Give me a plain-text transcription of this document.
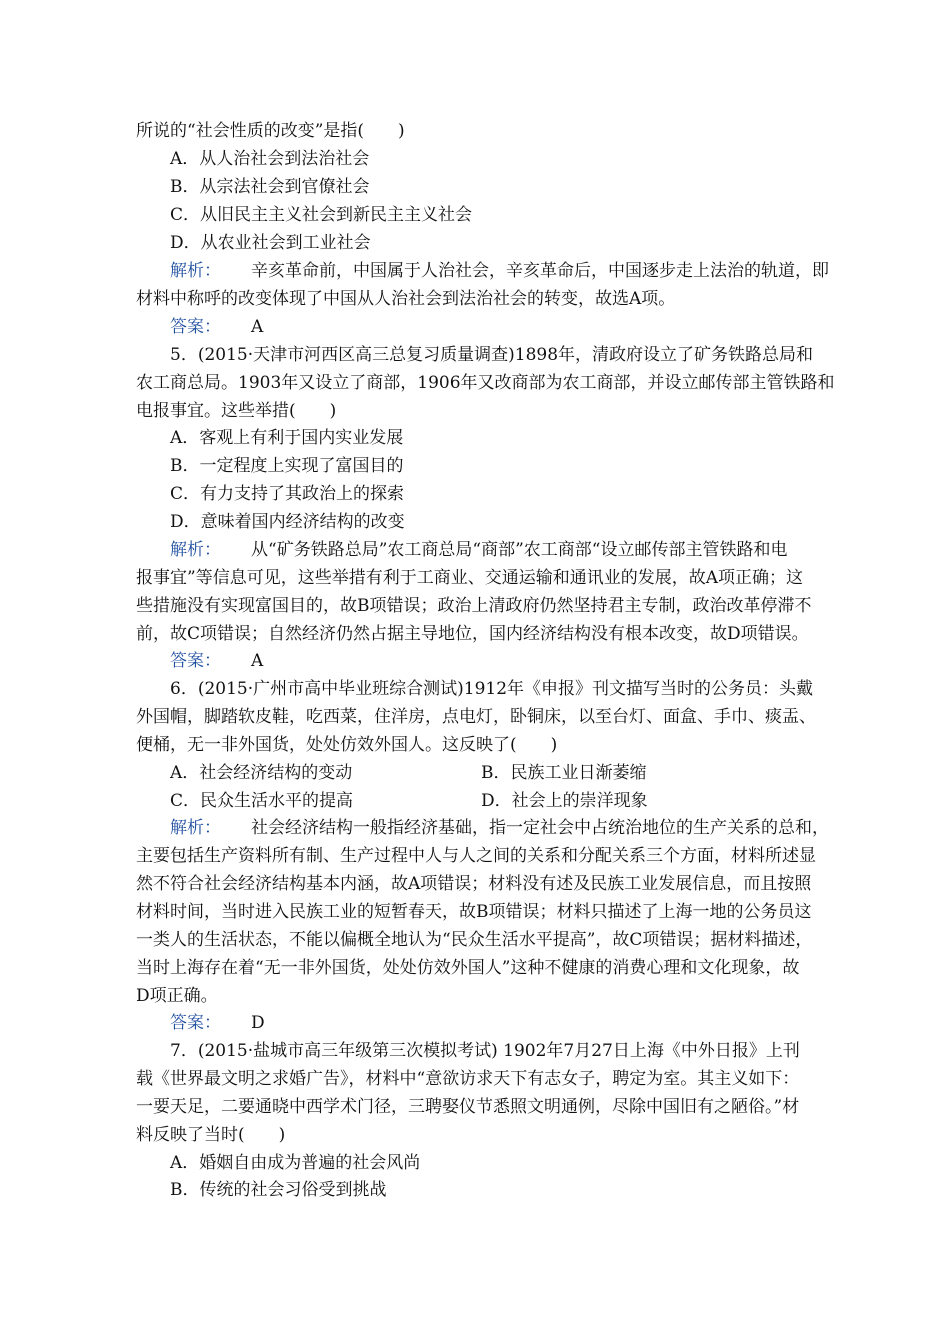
所说的“社会性质的改变”是指(　　)
A．从人治社会到法治社会
B．从宗法社会到官僚社会
C．从旧民主主义社会到新民主主义社会
D．从农业社会到工业社会
解析： 辛亥革命前，中国属于人治社会，辛亥革命后，中国逐步走上法治的轨道，即
材料中称呼的改变体现了中国从人治社会到法治社会的转变，故选A项。
答案： A
5．(2015·天津市河西区高三总复习质量调查)1898年，清政府设立了矿务铁路总局和
农工商总局。1903年又设立了商部，1906年又改商部为农工商部，并设立邮传部主管铁路和
电报事宜。这些举措(　　)
A．客观上有利于国内实业发展
B．一定程度上实现了富国目的
C．有力支持了其政治上的探索
D．意味着国内经济结构的改变
解析： 从“矿务铁路总局”农工商总局“商部”农工商部“设立邮传部主管铁路和电
报事宜”等信息可见，这些举措有利于工商业、交通运输和通讯业的发展，故A项正确；这
些措施没有实现富国目的，故B项错误；政治上清政府仍然坚持君主专制，政治改革停滞不
前，故C项错误；自然经济仍然占据主导地位，国内经济结构没有根本改变，故D项错误。
答案： A
6．(2015·广州市高中毕业班综合测试)1912年《申报》刊文描写当时的公务员：头戴
外国帽，脚踏软皮鞋，吃西菜，住洋房，点电灯，卧铜床，以至台灯、面盒、手巾、痰盂、
便桶，无一非外国货，处处仿效外国人。这反映了(　　)
A．社会经济结构的变动	B．民族工业日渐萎缩
C．民众生活水平的提高	D．社会上的崇洋现象
解析： 社会经济结构一般指经济基础，指一定社会中占统治地位的生产关系的总和，
主要包括生产资料所有制、生产过程中人与人之间的关系和分配关系三个方面，材料所述显
然不符合社会经济结构基本内涵，故A项错误；材料没有述及民族工业发展信息，而且按照
材料时间，当时进入民族工业的短暂春天，故B项错误；材料只描述了上海一地的公务员这
一类人的生活状态，不能以偏概全地认为“民众生活水平提高”，故C项错误；据材料描述，
当时上海存在着“无一非外国货，处处仿效外国人”这种不健康的消费心理和文化现象，故
D项正确。
答案： D
7．(2015·盐城市高三年级第三次模拟考试) 1902年7月27日上海《中外日报》上刊
载《世界最文明之求婚广告》，材料中“意欲访求天下有志女子，聘定为室。其主义如下：
一要天足，二要通晓中西学术门径，三聘娶仪节悉照文明通例，尽除中国旧有之陋俗。”材
料反映了当时(　　)
A．婚姻自由成为普遍的社会风尚
B．传统的社会习俗受到挑战
